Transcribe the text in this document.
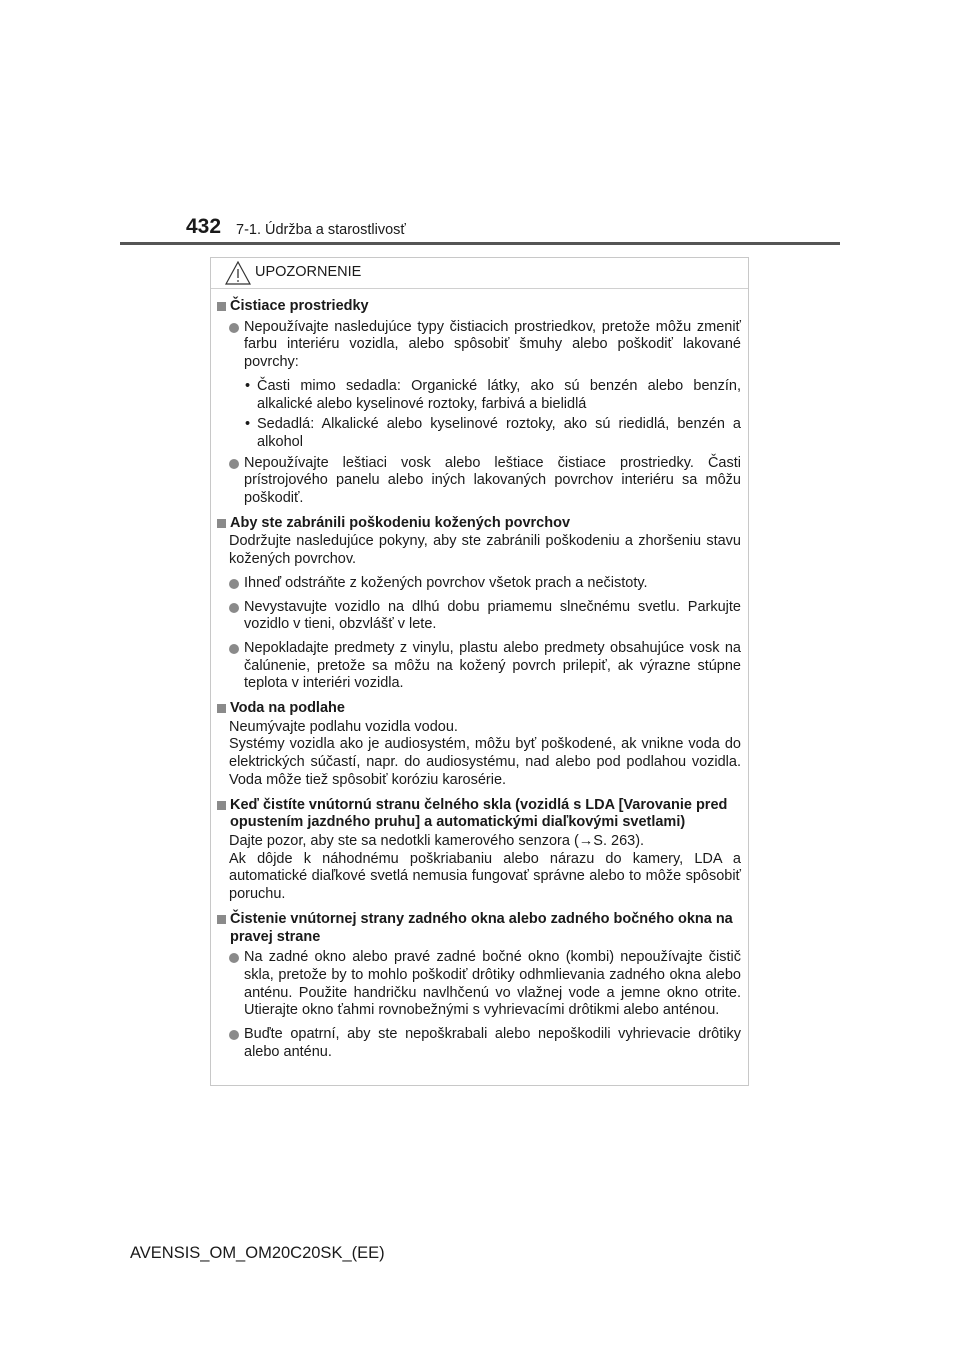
432 7-1. Údržba a starostlivosť
UPOZORNENIE
Čistiace prostriedky
Nepoužívajte nasledujúce typy čistiacich prostriedkov, pretože môžu zmeniť farbu interiéru vozidla, alebo spôsobiť šmuhy alebo poškodiť lakované povrchy:
• Časti mimo sedadla: Organické látky, ako sú benzén alebo benzín, alkalické alebo kyselinové roztoky, farbivá a bielidlá
• Sedadlá: Alkalické alebo kyselinové roztoky, ako sú riedidlá, benzén a alkohol
Nepoužívajte leštiaci vosk alebo leštiace čistiace prostriedky. Časti prístrojového panelu alebo iných lakovaných povrchov interiéru sa môžu poškodiť.
Aby ste zabránili poškodeniu kožených povrchov
Dodržujte nasledujúce pokyny, aby ste zabránili poškodeniu a zhoršeniu stavu kožených povrchov.
Ihneď odstráňte z kožených povrchov všetok prach a nečistoty.
Nevystavujte vozidlo na dlhú dobu priamemu slnečnému svetlu. Parkujte vozidlo v tieni, obzvlášť v lete.
Nepokladajte predmety z vinylu, plastu alebo predmety obsahujúce vosk na čalúnenie, pretože sa môžu na kožený povrch prilepiť, ak výrazne stúpne teplota v interiéri vozidla.
Voda na podlahe
Neumývajte podlahu vozidla vodou.
Systémy vozidla ako je audiosystém, môžu byť poškodené, ak vnikne voda do elektrických súčastí, napr. do audiosystému, nad alebo pod podlahou vozidla. Voda môže tiež spôsobiť koróziu karosérie.
Keď čistíte vnútornú stranu čelného skla (vozidlá s LDA [Varovanie pred opustením jazdného pruhu] a automatickými diaľkovými svetlami)
Dajte pozor, aby ste sa nedotkli kamerového senzora (→S. 263).
Ak dôjde k náhodnému poškriabaniu alebo nárazu do kamery, LDA a automatické diaľkové svetlá nemusia fungovať správne alebo to môže spôsobiť poruchu.
Čistenie vnútornej strany zadného okna alebo zadného bočného okna na pravej strane
Na zadné okno alebo pravé zadné bočné okno (kombi) nepoužívajte čistič skla, pretože by to mohlo poškodiť drôtiky odhmlievania zadného okna alebo anténu. Použite handričku navlhčenú vo vlažnej vode a jemne okno otrite. Utierajte okno ťahmi rovnobežnými s vyhrievacími drôtikmi alebo anténou.
Buďte opatrní, aby ste nepoškrabali alebo nepoškodili vyhrievacie drôtiky alebo anténu.
AVENSIS_OM_OM20C20SK_(EE)
